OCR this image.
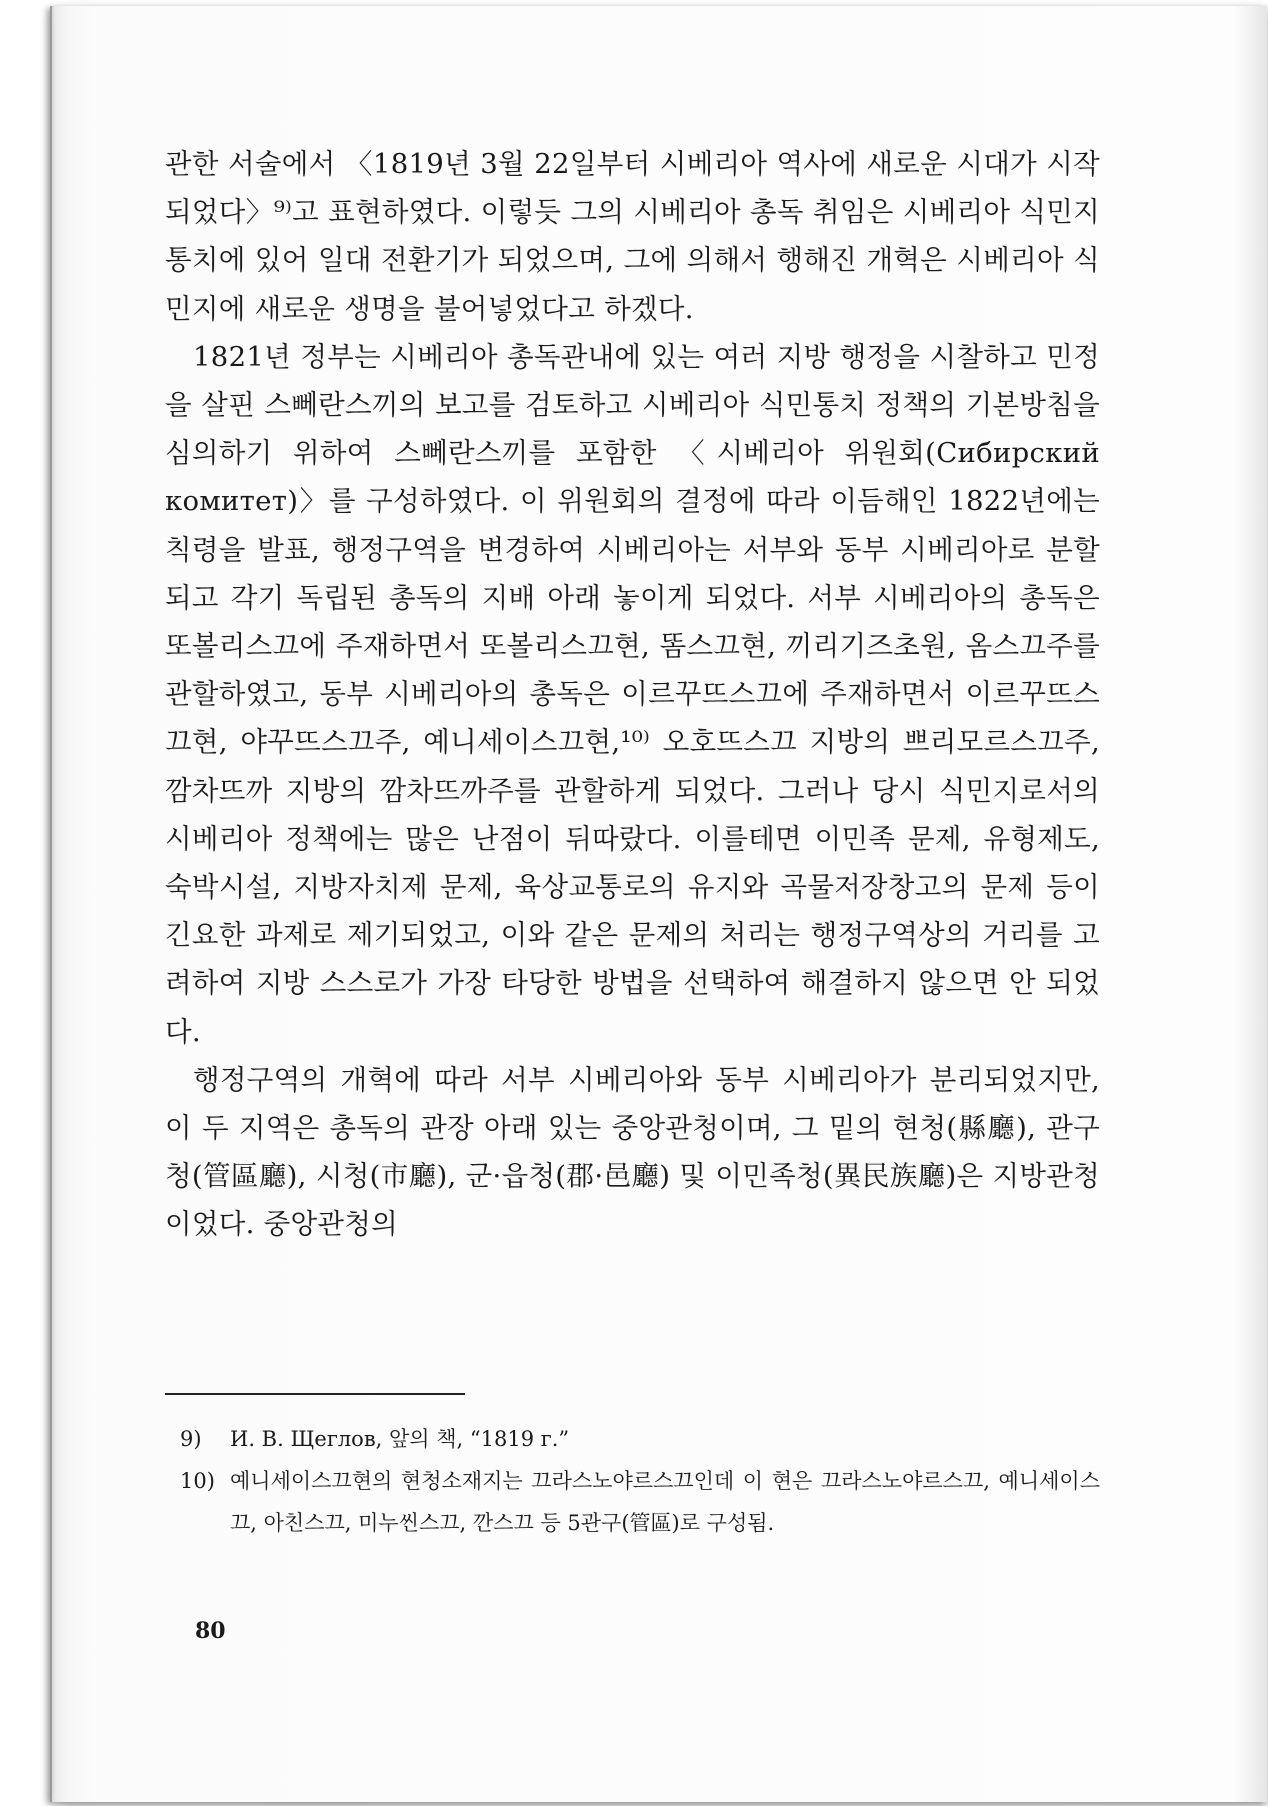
관한 서술에서 〈1819년 3월 22일부터 시베리아 역사에 새로운 시대가 시작되었다〉⁹⁾고 표현하였다. 이렇듯 그의 시베리아 총독 취임은 시베리아 식민지 통치에 있어 일대 전환기가 되었으며, 그에 의해서 행해진 개혁은 시베리아 식민지에 새로운 생명을 불어넣었다고 하겠다.

1821년 정부는 시베리아 총독관내에 있는 여러 지방 행정을 시찰하고 민정을 살핀 스뻬란스끼의 보고를 검토하고 시베리아 식민통치 정책의 기본방침을 심의하기 위하여 스뻬란스끼를 포함한 〈시베리아 위원회(Сибирский комитет)〉를 구성하였다. 이 위원회의 결정에 따라 이듬해인 1822년에는 칙령을 발표, 행정구역을 변경하여 시베리아는 서부와 동부 시베리아로 분할되고 각기 독립된 총독의 지배 아래 놓이게 되었다. 서부 시베리아의 총독은 또볼리스끄에 주재하면서 또볼리스끄현, 똠스끄현, 끼리기즈초원, 옴스끄주를 관할하였고, 동부 시베리아의 총독은 이르꾸뜨스끄에 주재하면서 이르꾸뜨스끄현, 야꾸뜨스끄주, 예니세이스끄현,¹⁰⁾ 오호뜨스끄 지방의 쁘리모르스끄주, 깜차뜨까 지방의 깜차뜨까주를 관할하게 되었다. 그러나 당시 식민지로서의 시베리아 정책에는 많은 난점이 뒤따랐다. 이를테면 이민족 문제, 유형제도, 숙박시설, 지방자치제 문제, 육상교통로의 유지와 곡물저장창고의 문제 등이 긴요한 과제로 제기되었고, 이와 같은 문제의 처리는 행정구역상의 거리를 고려하여 지방 스스로가 가장 타당한 방법을 선택하여 해결하지 않으면 안 되었다.

행정구역의 개혁에 따라 서부 시베리아와 동부 시베리아가 분리되었지만, 이 두 지역은 총독의 관장 아래 있는 중앙관청이며, 그 밑의 현청(縣廳), 관구청(管區廳), 시청(市廳), 군·읍청(郡·邑廳) 및 이민족청(異民族廳)은 지방관청이었다. 중앙관청의

9)	И. В. Щеглов, 앞의 책, “1819 г.”
10) 예니세이스끄현의 현청소재지는 끄라스노야르스끄인데 이 현은 끄라스노야르스끄, 예니세이스끄, 아친스끄, 미누씬스끄, 깐스끄 등 5관구(管區)로 구성됨.
80
